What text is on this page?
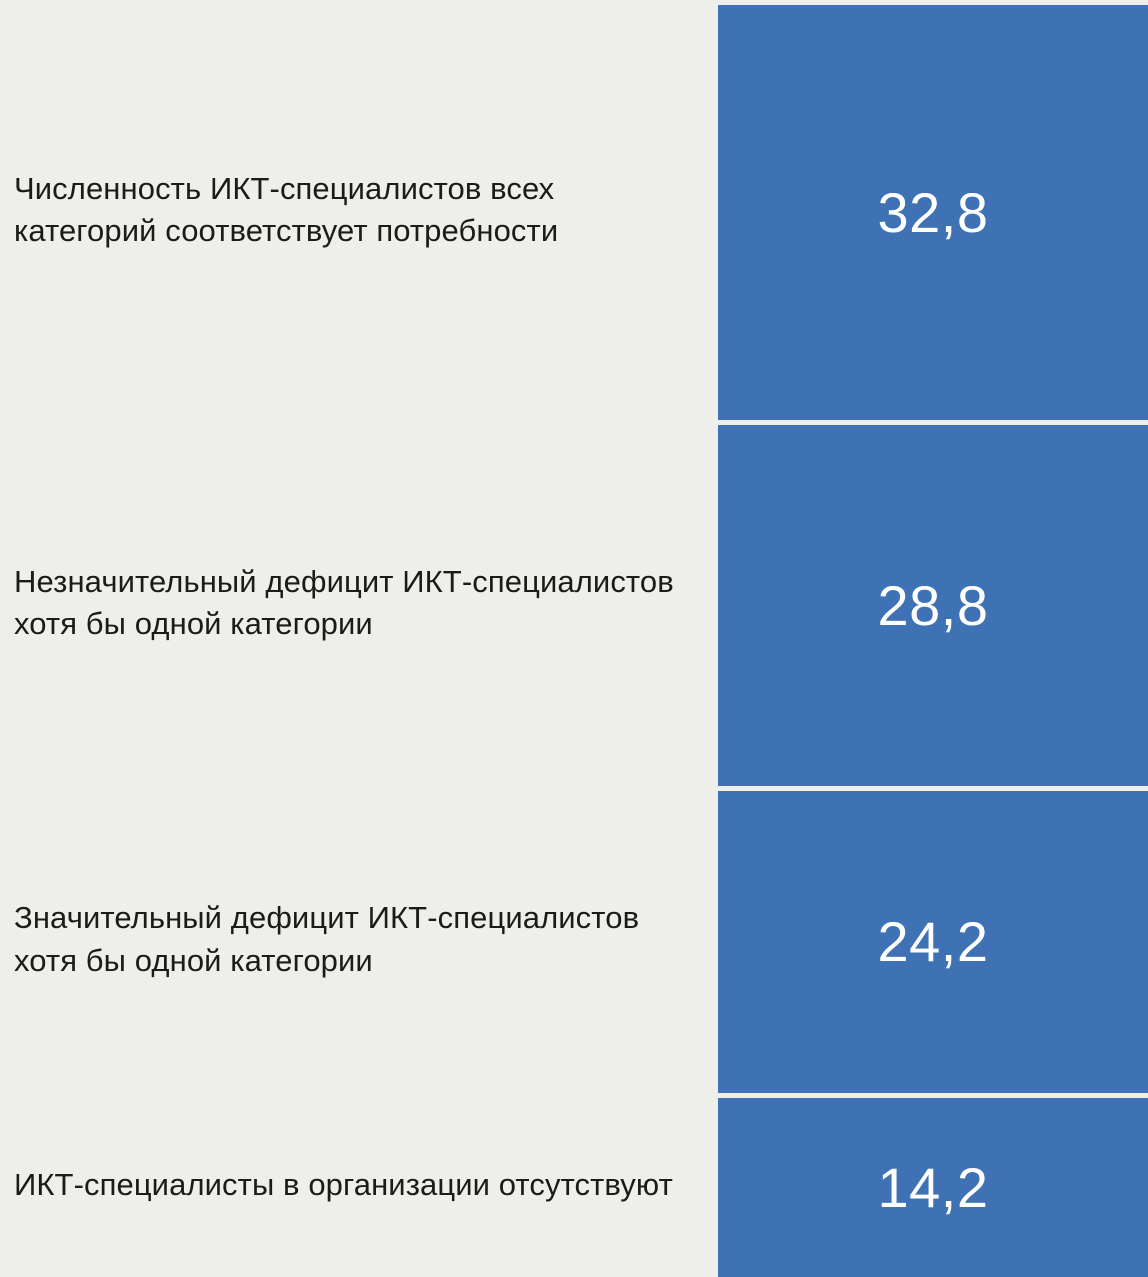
Численность ИКТ-специалистов всех категорий соответствует потребности	32,8
Незначительный дефицит ИКТ-специалистов хотя бы одной категории	28,8
Значительный дефицит ИКТ-специалистов хотя бы одной категории	24,2
ИКТ-специалисты в организации отсутствуют	14,2
